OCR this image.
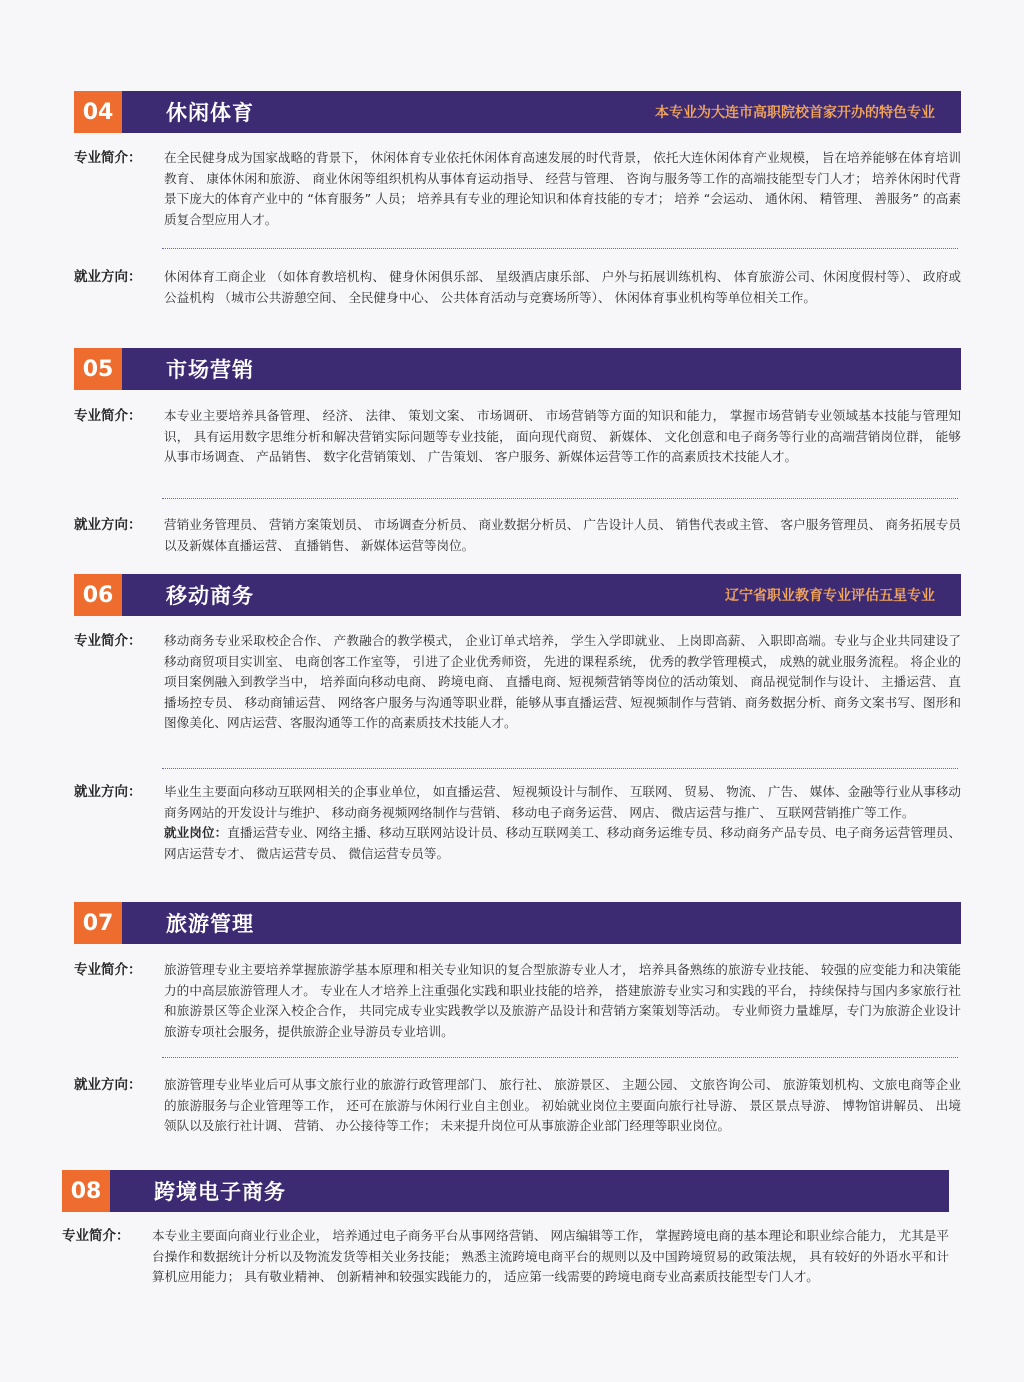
04	休闲体育	本专业为大连市高职院校首家开办的特色专业
专业简介：	在全民健身成为国家战略的背景下， 休闲体育专业依托休闲体育高速发展的时代背景， 依托大连休闲体育产业规模， 旨在培养能够在体育培训教育、 康体休闲和旅游、 商业休闲等组织机构从事体育运动指导、 经营与管理、 咨询与服务等工作的高端技能型专门人才； 培养休闲时代背景下庞大的体育产业中的 “体育服务” 人员； 培养具有专业的理论知识和体育技能的专才； 培养 “会运动、 通休闲、 精管理、 善服务” 的高素质复合型应用人才。
就业方向：	休闲体育工商企业 （如体育教培机构、 健身休闲俱乐部、 星级酒店康乐部、 户外与拓展训练机构、 体育旅游公司、休闲度假村等）、 政府或公益机构 （城市公共游憩空间、 全民健身中心、 公共体育活动与竞赛场所等）、 休闲体育事业机构等单位相关工作。
05	市场营销
专业简介：	本专业主要培养具备管理、 经济、 法律、 策划文案、 市场调研、 市场营销等方面的知识和能力， 掌握市场营销专业领域基本技能与管理知识， 具有运用数字思维分析和解决营销实际问题等专业技能， 面向现代商贸、 新媒体、 文化创意和电子商务等行业的高端营销岗位群， 能够从事市场调查、 产品销售、 数字化营销策划、 广告策划、 客户服务、新媒体运营等工作的高素质技术技能人才。
就业方向：	营销业务管理员、 营销方案策划员、 市场调查分析员、 商业数据分析员、 广告设计人员、 销售代表或主管、 客户服务管理员、 商务拓展专员以及新媒体直播运营、 直播销售、 新媒体运营等岗位。
06	移动商务	辽宁省职业教育专业评估五星专业
专业简介：	移动商务专业采取校企合作、 产教融合的教学模式， 企业订单式培养， 学生入学即就业、 上岗即高薪、 入职即高端。专业与企业共同建设了移动商贸项目实训室、 电商创客工作室等， 引进了企业优秀师资， 先进的课程系统， 优秀的教学管理模式， 成熟的就业服务流程。 将企业的项目案例融入到教学当中， 培养面向移动电商、 跨境电商、 直播电商、短视频营销等岗位的活动策划、 商品视觉制作与设计、 主播运营、 直播场控专员、 移动商铺运营、 网络客户服务与沟通等职业群，能够从事直播运营、短视频制作与营销、商务数据分析、商务文案书写、图形和图像美化、网店运营、客服沟通等工作的高素质技术技能人才。
就业方向：	毕业生主要面向移动互联网相关的企事业单位， 如直播运营、 短视频设计与制作、 互联网、 贸易、 物流、 广告、 媒体、金融等行业从事移动商务网站的开发设计与维护、 移动商务视频网络制作与营销、 移动电子商务运营、 网店、 微店运营与推广、 互联网营销推广等工作。
就业岗位：直播运营专业、网络主播、移动互联网站设计员、移动互联网美工、移动商务运维专员、移动商务产品专员、电子商务运营管理员、 网店运营专才、 微店运营专员、 微信运营专员等。
07	旅游管理
专业简介：	旅游管理专业主要培养掌握旅游学基本原理和相关专业知识的复合型旅游专业人才， 培养具备熟练的旅游专业技能、 较强的应变能力和决策能力的中高层旅游管理人才。 专业在人才培养上注重强化实践和职业技能的培养， 搭建旅游专业实习和实践的平台， 持续保持与国内多家旅行社和旅游景区等企业深入校企合作， 共同完成专业实践教学以及旅游产品设计和营销方案策划等活动。 专业师资力量雄厚，专门为旅游企业设计旅游专项社会服务，提供旅游企业导游员专业培训。
就业方向：	旅游管理专业毕业后可从事文旅行业的旅游行政管理部门、 旅行社、 旅游景区、 主题公园、 文旅咨询公司、 旅游策划机构、文旅电商等企业的旅游服务与企业管理等工作， 还可在旅游与休闲行业自主创业。 初始就业岗位主要面向旅行社导游、 景区景点导游、 博物馆讲解员、 出境领队以及旅行社计调、 营销、 办公接待等工作； 未来提升岗位可从事旅游企业部门经理等职业岗位。
08	跨境电子商务
专业简介：	本专业主要面向商业行业企业， 培养通过电子商务平台从事网络营销、 网店编辑等工作， 掌握跨境电商的基本理论和职业综合能力， 尤其是平台操作和数据统计分析以及物流发货等相关业务技能； 熟悉主流跨境电商平台的规则以及中国跨境贸易的政策法规， 具有较好的外语水平和计算机应用能力； 具有敬业精神、 创新精神和较强实践能力的， 适应第一线需要的跨境电商专业高素质技能型专门人才。
